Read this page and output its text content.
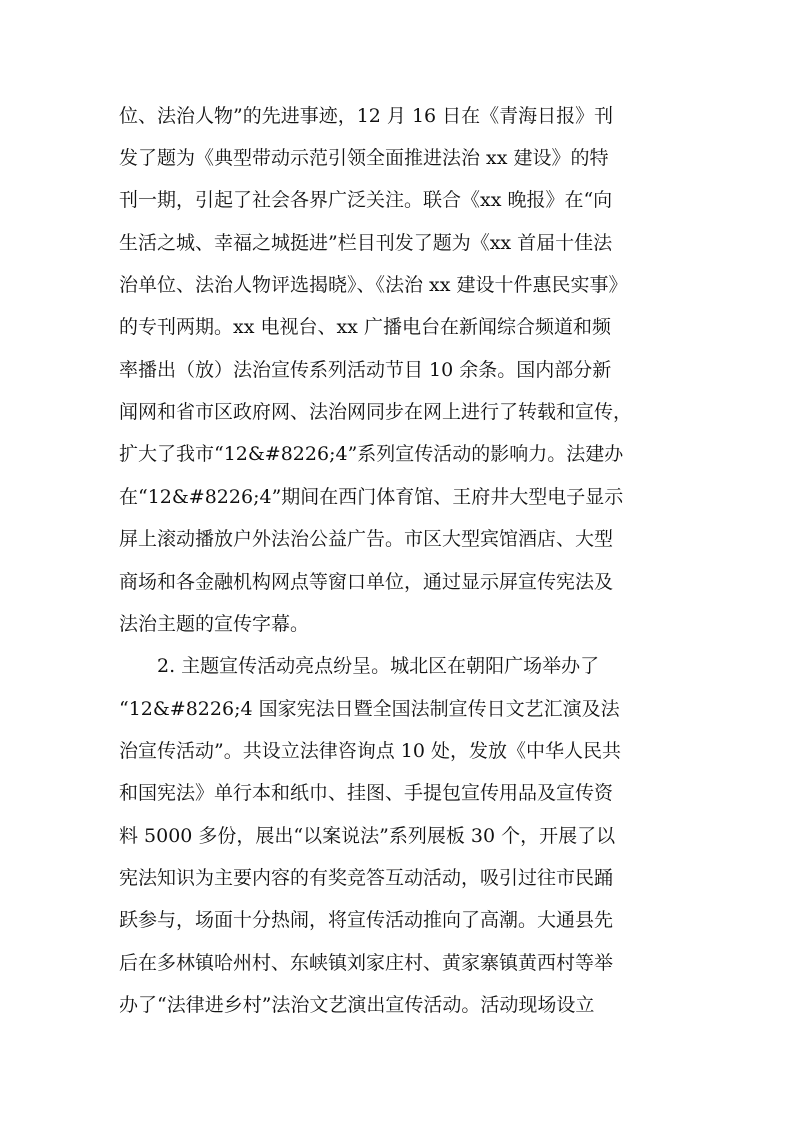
位、法治人物”的先进事迹，12 月 16 日在《青海日报》刊
发了题为《典型带动示范引领全面推进法治 xx 建设》的特
刊一期，引起了社会各界广泛关注。联合《xx 晚报》在“向
生活之城、幸福之城挺进”栏目刊发了题为《xx 首届十佳法
治单位、法治人物评选揭晓》、《法治 xx 建设十件惠民实事》
的专刊两期。xx 电视台、xx 广播电台在新闻综合频道和频
率播出（放）法治宣传系列活动节目 10 余条。国内部分新
闻网和省市区政府网、法治网同步在网上进行了转载和宣传，
扩大了我市“12&#8226;4”系列宣传活动的影响力。法建办
在“12&#8226;4”期间在西门体育馆、王府井大型电子显示
屏上滚动播放户外法治公益广告。市区大型宾馆酒店、大型
商场和各金融机构网点等窗口单位，通过显示屏宣传宪法及
法治主题的宣传字幕。
2. 主题宣传活动亮点纷呈。城北区在朝阳广场举办了
“12&#8226;4 国家宪法日暨全国法制宣传日文艺汇演及法
治宣传活动”。共设立法律咨询点 10 处，发放《中华人民共
和国宪法》单行本和纸巾、挂图、手提包宣传用品及宣传资
料 5000 多份，展出“以案说法”系列展板 30 个，开展了以
宪法知识为主要内容的有奖竞答互动活动，吸引过往市民踊
跃参与，场面十分热闹，将宣传活动推向了高潮。大通县先
后在多林镇哈州村、东峡镇刘家庄村、黄家寨镇黄西村等举
办了“法律进乡村”法治文艺演出宣传活动。活动现场设立
